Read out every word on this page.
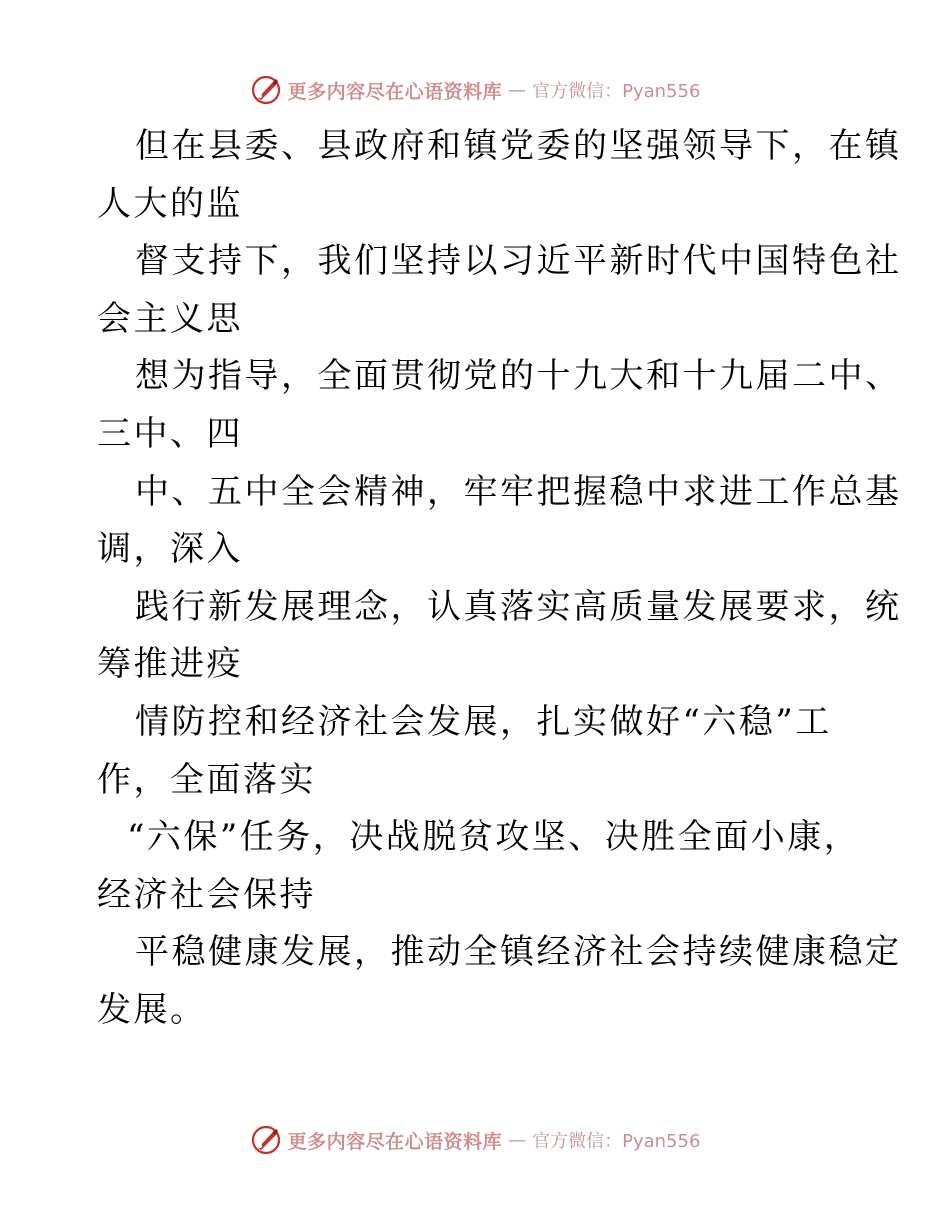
更多内容尽在心语资料库 — 官方微信：Pyan556
但在县委、县政府和镇党委的坚强领导下，在镇
人大的监
督支持下，我们坚持以习近平新时代中国特色社
会主义思
想为指导，全面贯彻党的十九大和十九届二中、
三中、四
中、五中全会精神，牢牢把握稳中求进工作总基
调，深入
践行新发展理念，认真落实高质量发展要求，统
筹推进疫
情防控和经济社会发展，扎实做好“六稳”工
作，全面落实
“六保”任务，决战脱贫攻坚、决胜全面小康，
经济社会保持
平稳健康发展，推动全镇经济社会持续健康稳定
发展。
更多内容尽在心语资料库 — 官方微信：Pyan556
